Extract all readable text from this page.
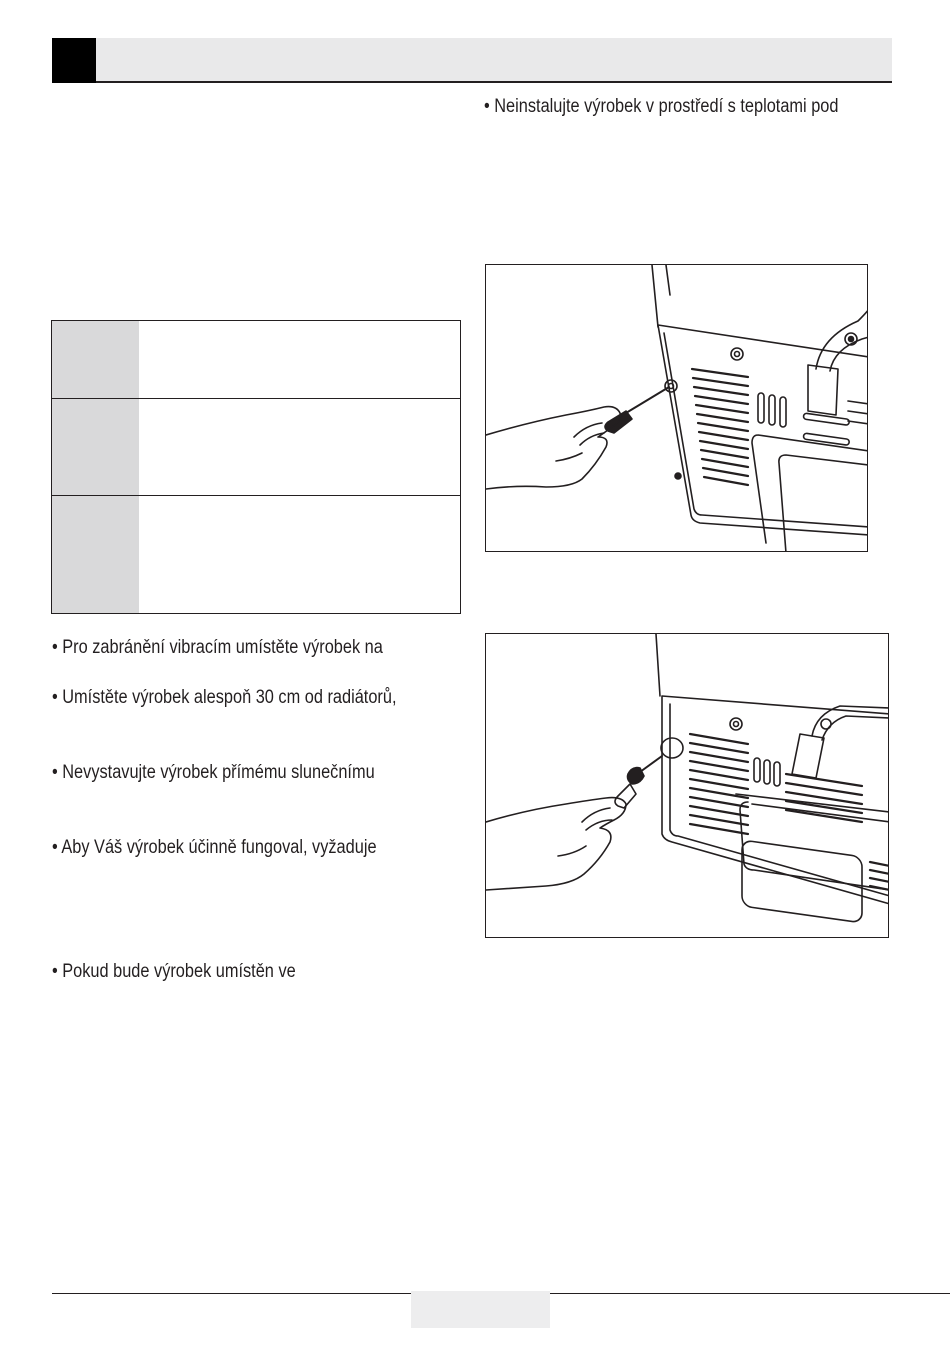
• Neinstalujte výrobek v prostředí s teplotami pod
• Pro zabránění vibracím umístěte výrobek na
• Umístěte výrobek alespoň 30 cm od radiátorů,
• Nevystavujte výrobek přímému slunečnímu
• Aby Váš výrobek účinně fungoval, vyžaduje
• Pokud bude výrobek umístěn ve
